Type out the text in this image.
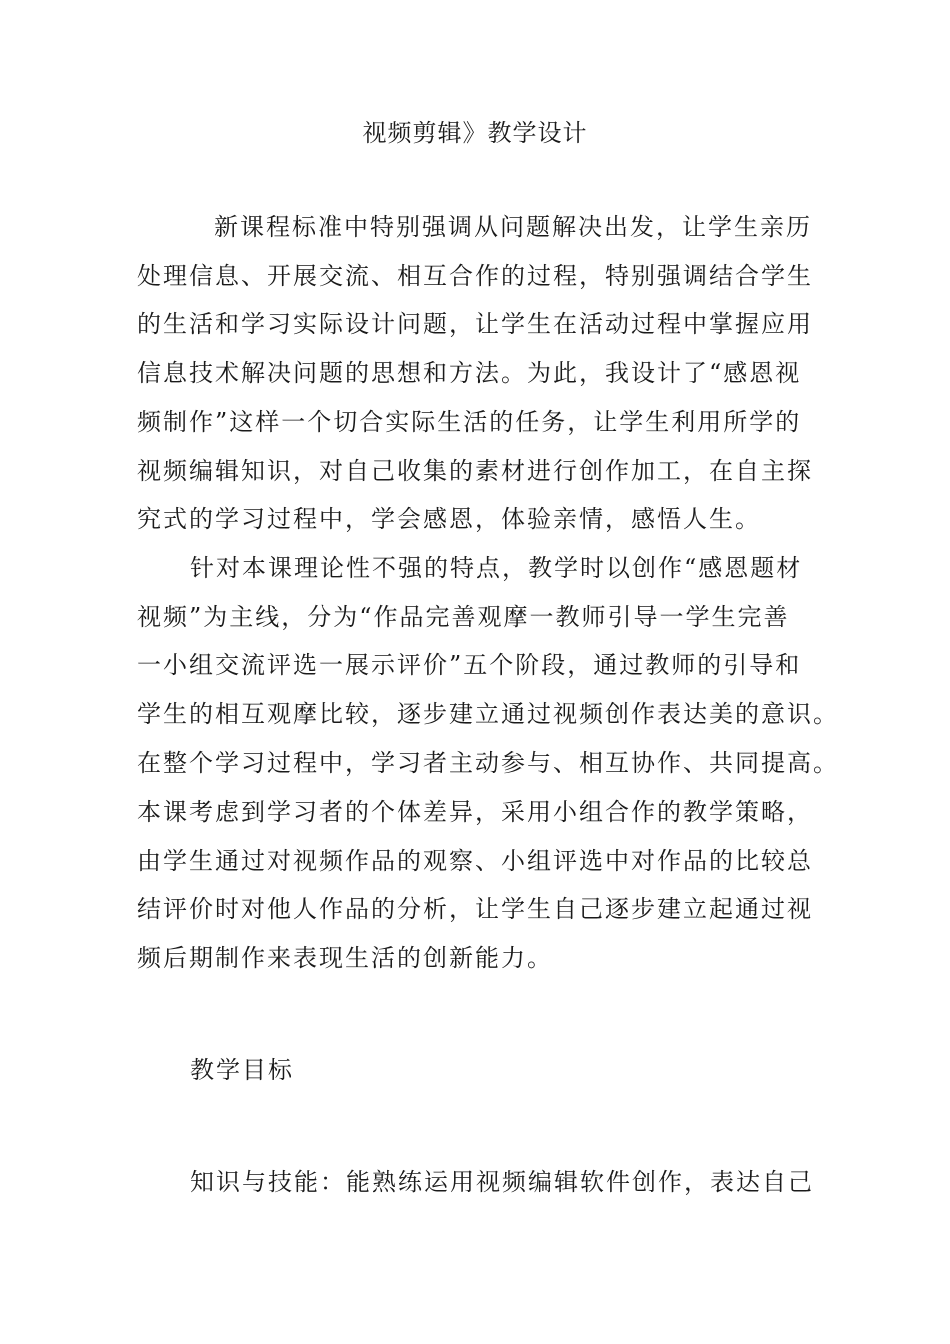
视频剪辑》教学设计
新课程标准中特别强调从问题解决出发，让学生亲历
处理信息、开展交流、相互合作的过程，特别强调结合学生
的生活和学习实际设计问题，让学生在活动过程中掌握应用
信息技术解决问题的思想和方法。为此，我设计了“感恩视
频制作”这样一个切合实际生活的任务，让学生利用所学的
视频编辑知识，对自己收集的素材进行创作加工，在自主探
究式的学习过程中，学会感恩，体验亲情，感悟人生。
针对本课理论性不强的特点，教学时以创作“感恩题材
视频”为主线，分为“作品完善观摩一教师引导一学生完善
一小组交流评选一展示评价”五个阶段，通过教师的引导和
学生的相互观摩比较，逐步建立通过视频创作表达美的意识。
在整个学习过程中，学习者主动参与、相互协作、共同提高。
本课考虑到学习者的个体差异，采用小组合作的教学策略，
由学生通过对视频作品的观察、小组评选中对作品的比较总
结评价时对他人作品的分析，让学生自己逐步建立起通过视
频后期制作来表现生活的创新能力。
教学目标
知识与技能：能熟练运用视频编辑软件创作，表达自己
